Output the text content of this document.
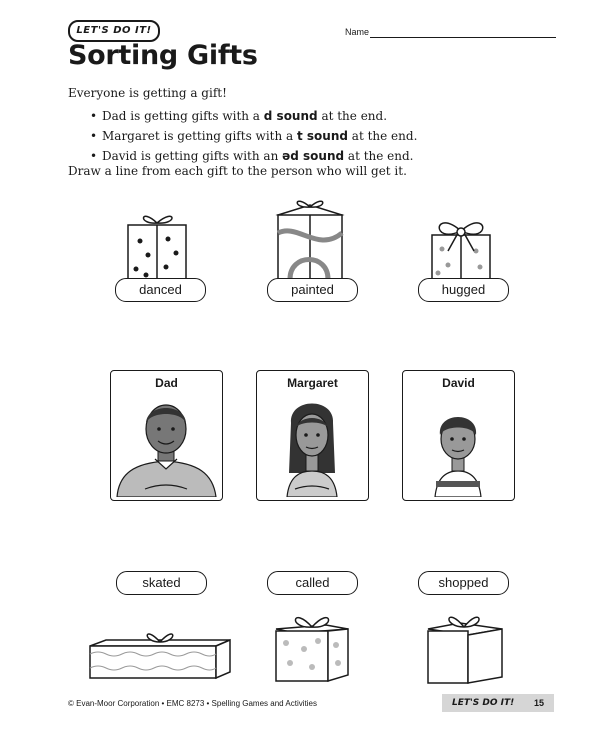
LET'S DO IT!	Name
Sorting Gifts
Everyone is getting a gift!
• Dad is getting gifts with a d sound at the end.
• Margaret is getting gifts with a t sound at the end.
• David is getting gifts with an əd sound at the end.
Draw a line from each gift to the person who will get it.
danced	painted	hugged
Dad	Margaret	David
skated	called	shopped
© Evan-Moor Corporation • EMC 8273 • Spelling Games and Activities	LET'S DO IT! 15
